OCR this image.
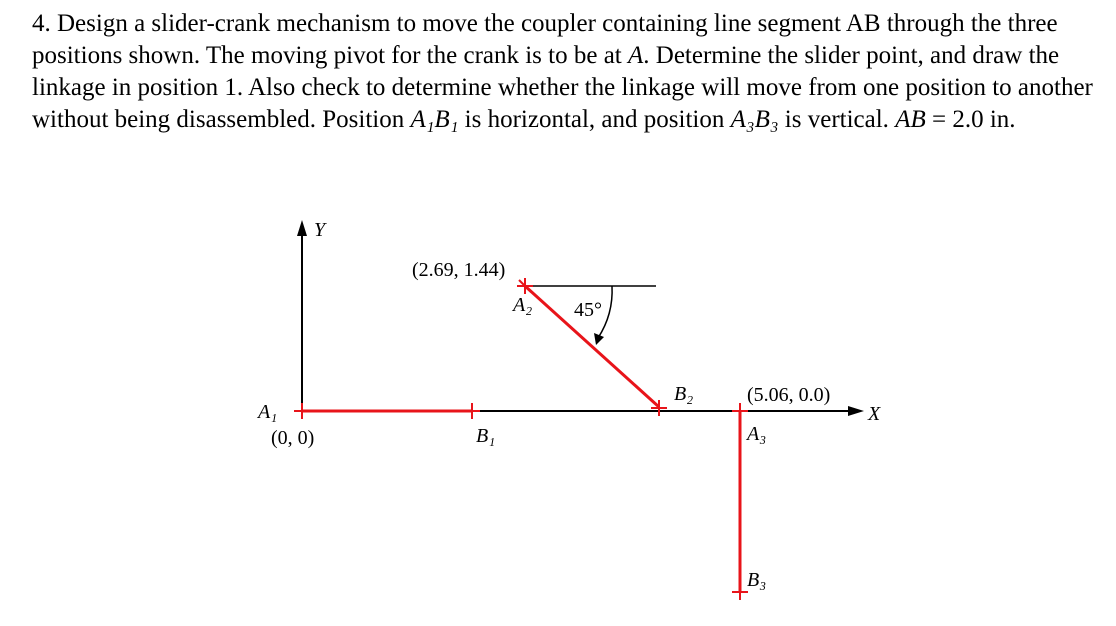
4. Design a slider-crank mechanism to move the coupler containing line segment AB through the three positions shown. The moving pivot for the crank is to be at A. Determine the slider point, and draw the linkage in position 1. Also check to determine whether the linkage will move from one position to another without being disassembled. Position A₁B₁ is horizontal, and position A₃B₃ is vertical. AB = 2.0 in.
Y
X
A₁
(0, 0)	B₁
(2.69, 1.44)
A₂ 45°
B₂	(5.06, 0.0)
A₃
B₃
